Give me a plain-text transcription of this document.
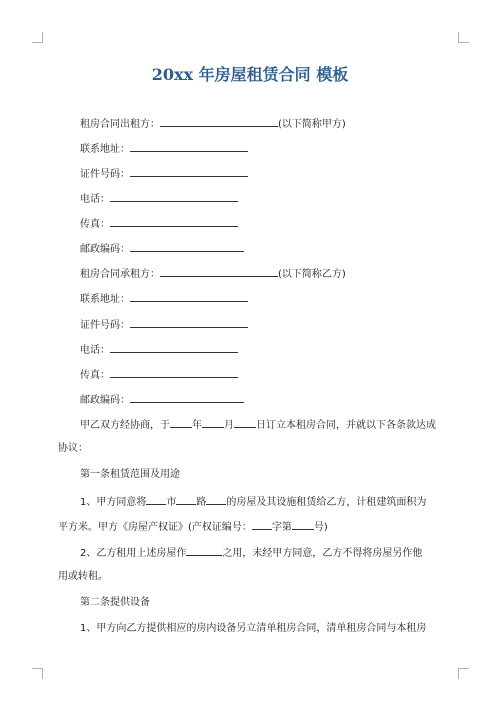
20xx 年房屋租赁合同 模板
租房合同出租方：	(以下简称甲方)
联系地址：
证件号码：
电话：
传真：
邮政编码：
租房合同承租方：	(以下简称乙方)
联系地址：
证件号码：
电话：
传真：
邮政编码：
甲乙双方经协商，于 年 月 日订立本租房合同，并就以下各条款达成
协议：
第一条租赁范围及用途
1、甲方同意将 市 路 的房屋及其设施租赁给乙方，计租建筑面积为
平方米。甲方《房屋产权证》(产权证编号： 字第 号)
2、乙方租用上述房屋作	之用，未经甲方同意，乙方不得将房屋另作他
用或转租。
第二条提供设备
1、甲方向乙方提供相应的房内设备另立清单租房合同，清单租房合同与本租房
